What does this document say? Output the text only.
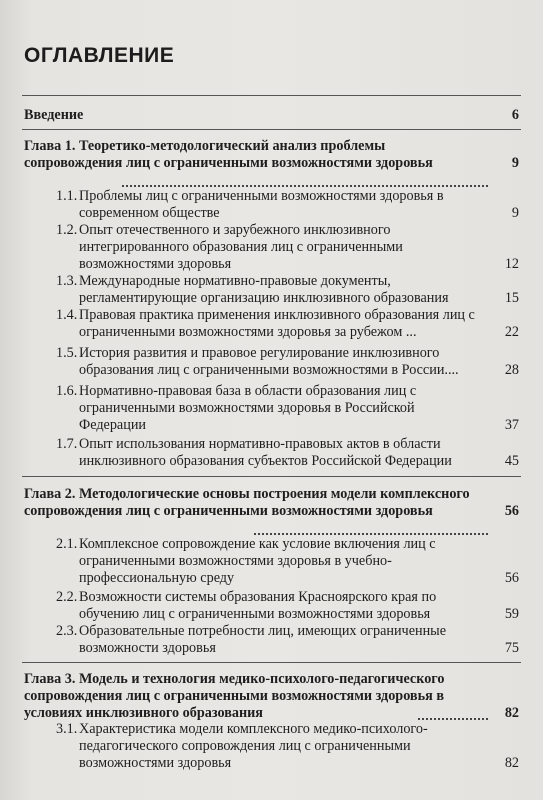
ОГЛАВЛЕНИЕ
Введение	6
Глава 1. Теоретико-методологический анализ проблемы сопровождения лиц с ограниченными возможностями здоровья	9
1.1. Проблемы лиц с ограниченными возможностями здоровья в современном обществе	9
1.2. Опыт отечественного и зарубежного инклюзивного интегрированного образования лиц с ограниченными возможностями здоровья	12
1.3. Международные нормативно-правовые документы, регламентирующие организацию инклюзивного образования	15
1.4. Правовая практика применения инклюзивного образования лиц с ограниченными возможностями здоровья за рубежом ...	22
1.5. История развития и правовое регулирование инклюзивного образования лиц с ограниченными возможностями в России....	28
1.6. Нормативно-правовая база в области образования лиц с ограниченными возможностями здоровья в Российской Федерации	37
1.7. Опыт использования нормативно-правовых актов в области инклюзивного образования субъектов Российской Федерации	45
Глава 2. Методологические основы построения модели комплексного сопровождения лиц с ограниченными возможностями здоровья	56
2.1. Комплексное сопровождение как условие включения лиц с ограниченными возможностями здоровья в учебно-профессиональную среду	56
2.2. Возможности системы образования Красноярского края по обучению лиц с ограниченными возможностями здоровья	59
2.3. Образовательные потребности лиц, имеющих ограниченные возможности здоровья	75
Глава 3. Модель и технология медико-психолого-педагогического сопровождения лиц с ограниченными возможностями здоровья в условиях инклюзивного образования	82
3.1. Характеристика модели комплексного медико-психолого-педагогического сопровождения лиц с ограниченными возможностями здоровья	82
